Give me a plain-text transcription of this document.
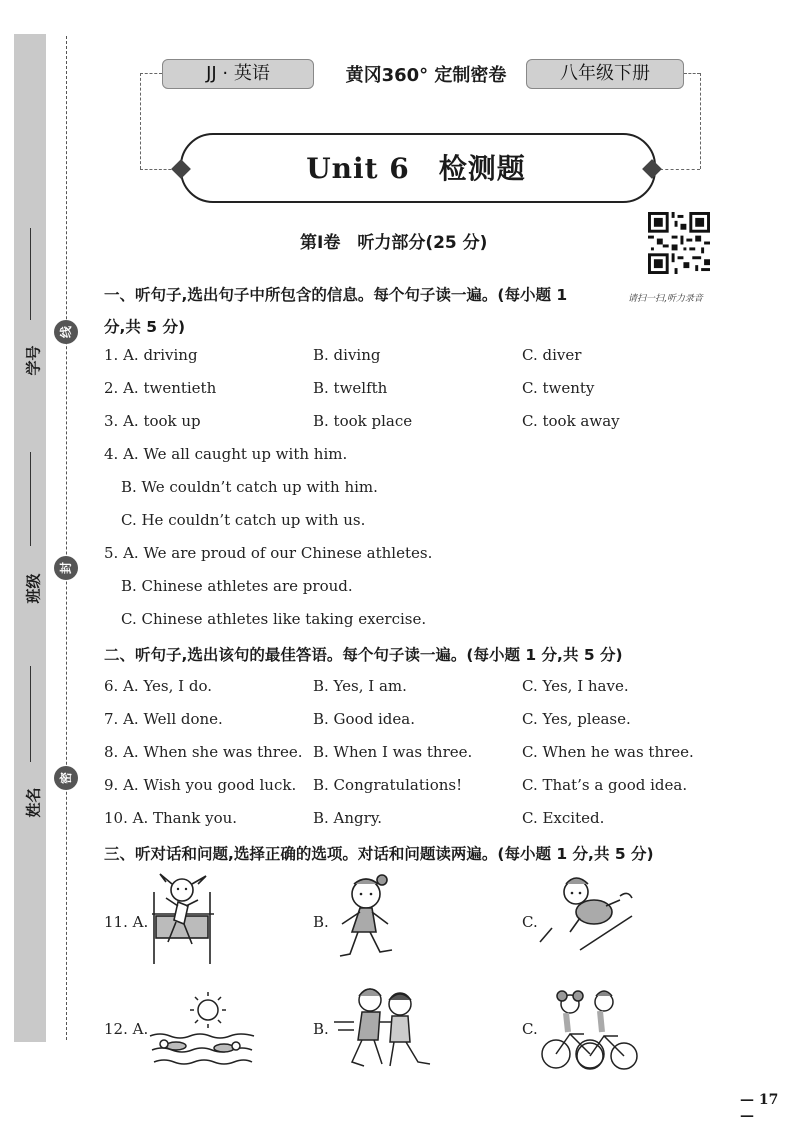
学号
线
班级
封
姓名
密
JJ · 英语	黄冈360° 定制密卷	八年级下册
Unit 6　检测题
第Ⅰ卷　听力部分(25 分)
请扫一扫,听力录音
一、听句子,选出句子中所包含的信息。每个句子读一遍。(每小题 1
分,共 5 分)
1. A. driving	B. diving	C. diver
2. A. twentieth	B. twelfth	C. twenty
3. A. took up	B. took place	C. took away
4. A. We all caught up with him.
B. We couldn’t catch up with him.
C. He couldn’t catch up with us.
5. A. We are proud of our Chinese athletes.
B. Chinese athletes are proud.
C. Chinese athletes like taking exercise.
二、听句子,选出该句的最佳答语。每个句子读一遍。(每小题 1 分,共 5 分)
6. A. Yes, I do.	B. Yes, I am.	C. Yes, I have.
7. A. Well done.	B. Good idea.	C. Yes, please.
8. A. When she was three. B. When I was three.	C. When he was three.
9. A. Wish you good luck. B. Congratulations!	C. That’s a good idea.
10. A. Thank you.	B. Angry.	C. Excited.
三、听对话和问题,选择正确的选项。对话和问题读两遍。(每小题 1 分,共 5 分)
11. A.	B.	C.
12. A.	B.	C.
— 17 —
